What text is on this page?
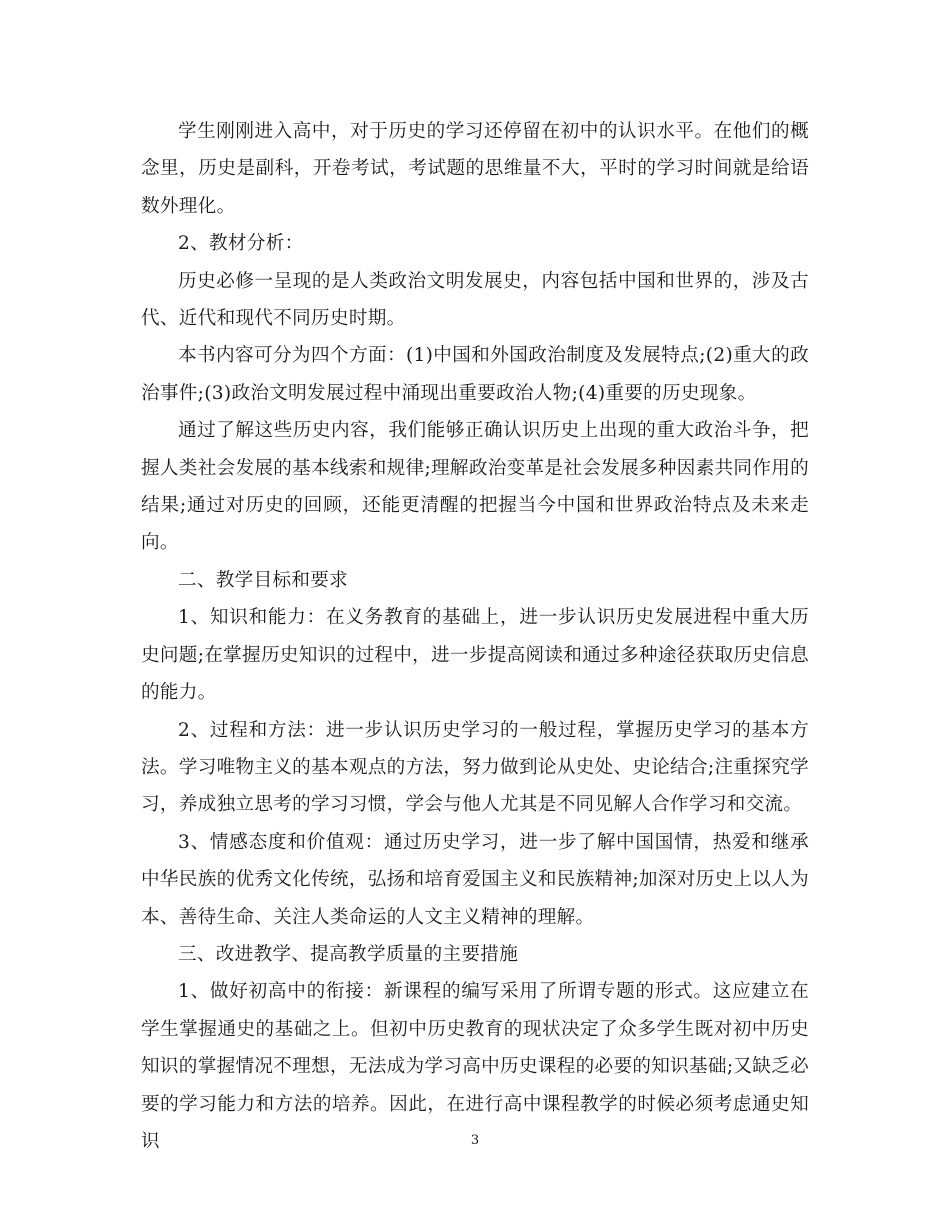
学生刚刚进入高中，对于历史的学习还停留在初中的认识水平。在他们的概念里，历史是副科，开卷考试，考试题的思维量不大，平时的学习时间就是给语数外理化。

2、教材分析：

历史必修一呈现的是人类政治文明发展史，内容包括中国和世界的，涉及古代、近代和现代不同历史时期。

本书内容可分为四个方面：(1)中国和外国政治制度及发展特点;(2)重大的政治事件;(3)政治文明发展过程中涌现出重要政治人物;(4)重要的历史现象。

通过了解这些历史内容，我们能够正确认识历史上出现的重大政治斗争，把握人类社会发展的基本线索和规律;理解政治变革是社会发展多种因素共同作用的结果;通过对历史的回顾，还能更清醒的把握当今中国和世界政治特点及未来走向。

二、教学目标和要求

1、知识和能力：在义务教育的基础上，进一步认识历史发展进程中重大历史问题;在掌握历史知识的过程中，进一步提高阅读和通过多种途径获取历史信息的能力。

2、过程和方法：进一步认识历史学习的一般过程，掌握历史学习的基本方法。学习唯物主义的基本观点的方法，努力做到论从史处、史论结合;注重探究学习，养成独立思考的学习习惯，学会与他人尤其是不同见解人合作学习和交流。

3、情感态度和价值观：通过历史学习，进一步了解中国国情，热爱和继承中华民族的优秀文化传统，弘扬和培育爱国主义和民族精神;加深对历史上以人为本、善待生命、关注人类命运的人文主义精神的理解。

三、改进教学、提高教学质量的主要措施

1、做好初高中的衔接：新课程的编写采用了所谓专题的形式。这应建立在学生掌握通史的基础之上。但初中历史教育的现状决定了众多学生既对初中历史知识的掌握情况不理想，无法成为学习高中历史课程的必要的知识基础;又缺乏必要的学习能力和方法的培养。因此，在进行高中课程教学的时候必须考虑通史知识	3
